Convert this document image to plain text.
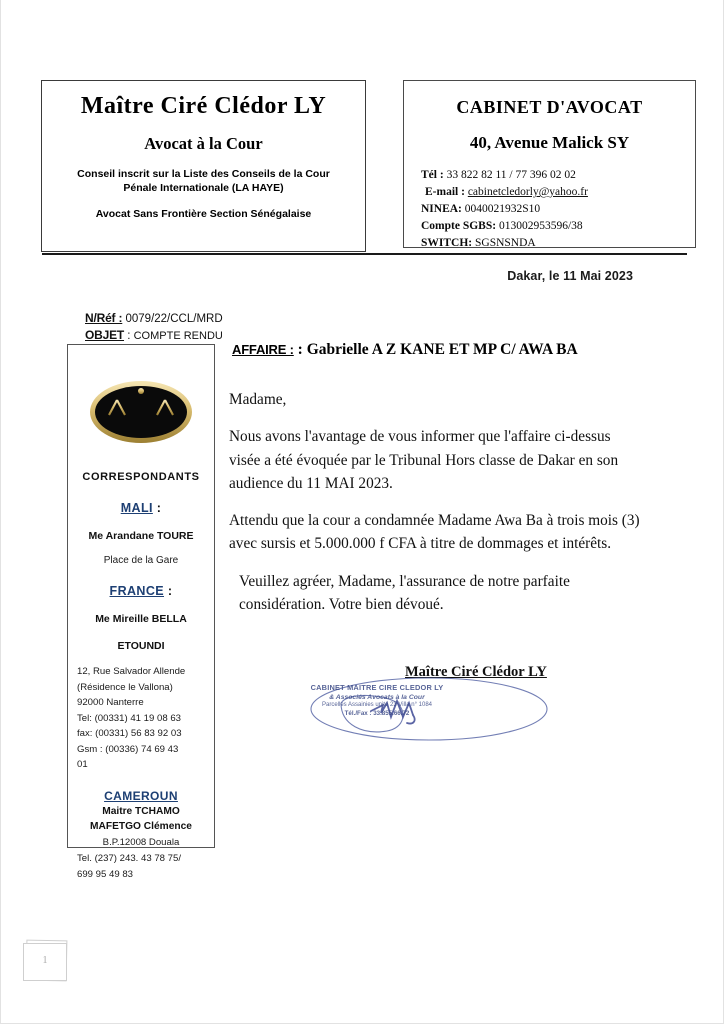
Maître Ciré Clédor LY
Avocat à la Cour
Conseil inscrit sur la Liste des Conseils de la Cour
Pénale Internationale (LA HAYE)
Avocat Sans Frontière Section Sénégalaise
CABINET D'AVOCAT
40, Avenue Malick SY
Tél : 33 822 82 11 / 77 396 02 02
E-mail : cabinetcledorly@yahoo.fr
NINEA: 0040021932S10
Compte SGBS: 013002953596/38
SWITCH: SGSNSNDA
Dakar, le 11 Mai 2023
N/Réf : 0079/22/CCL/MRD
OBJET : COMPTE RENDU
CORRESPONDANTS
MALI :
Me Arandane TOURE
Place de la Gare
FRANCE :
Me Mireille BELLA
ETOUNDI
12, Rue Salvador Allende
(Résidence le Vallona)
92000 Nanterre
Tel: (00331) 41 19 08 63
fax: (00331) 56 83 92 03
Gsm : (00336) 74 69 43
01
CAMEROUN
Maitre TCHAMO
MAFETGO Clémence
B.P.12008 Douala
Tel. (237) 243. 43 78 75/
699 95 49 83
AFFAIRE : : Gabrielle A Z KANE ET MP C/ AWA BA

Madame,

Nous avons l'avantage de vous informer que l'affaire ci-dessus visée a été évoquée par le Tribunal Hors classe de Dakar en son audience du 11 MAI 2023.

Attendu que la cour a condamnée Madame Awa Ba à trois mois (3) avec sursis et 5.000.000 f CFA à titre de dommages et intérêts.

Veuillez agréer, Madame, l'assurance de notre parfaite considération. Votre bien dévoué.

Maître Ciré Clédor LY
CABINET MAITRE CIRE CLEDOR LY
& Associés Avocats à la Cour
Parcelles Assainies unité 23 Villa n° 1084
Tél./Fax : 33.855.66.72
1
